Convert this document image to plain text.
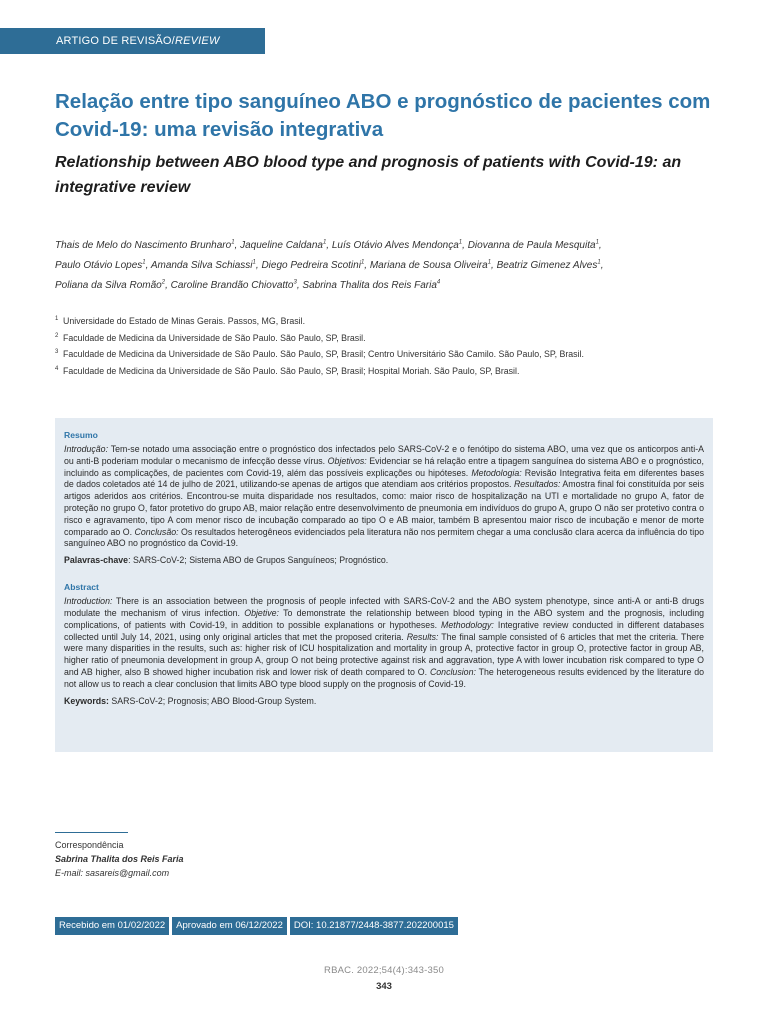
ARTIGO DE REVISÃO/REVIEW ARTICLE
Relação entre tipo sanguíneo ABO e prognóstico de pacientes com Covid-19: uma revisão integrativa
Relationship between ABO blood type and prognosis of patients with Covid-19: an integrative review
Thais de Melo do Nascimento Brunharo$^1$, Jaqueline Caldana$^1$, Luís Otávio Alves Mendonça$^1$, Diovanna de Paula Mesquita$^1$,
Paulo Otávio Lopes$^1$, Amanda Silva Schiassi$^1$, Diego Pedreira Scotini$^1$, Mariana de Sousa Oliveira$^1$, Beatriz Gimenez Alves$^1$,
Poliana da Silva Romão$^2$, Caroline Brandão Chiovatto$^3$, Sabrina Thalita dos Reis Faria$^4$
1 Universidade do Estado de Minas Gerais. Passos, MG, Brasil.
2 Faculdade de Medicina da Universidade de São Paulo. São Paulo, SP, Brasil.
3 Faculdade de Medicina da Universidade de São Paulo. São Paulo, SP, Brasil; Centro Universitário São Camilo. São Paulo, SP, Brasil.
4 Faculdade de Medicina da Universidade de São Paulo. São Paulo, SP, Brasil; Hospital Moriah. São Paulo, SP, Brasil.
Resumo

Introdução: Tem-se notado uma associação entre o prognóstico dos infectados pelo SARS-CoV-2 e o fenótipo do sistema ABO, uma vez que os anticorpos anti-A ou anti-B poderiam modular o mecanismo de infecção desse vírus. Objetivos: Evidenciar se há relação entre a tipagem sanguínea do sistema ABO e o prognóstico, incluindo as complicações, de pacientes com Covid-19, além das possíveis explicações ou hipóteses. Metodologia: Revisão Integrativa feita em diferentes bases de dados coletados até 14 de julho de 2021, utilizando-se apenas de artigos que atendiam aos critérios propostos. Resultados: Amostra final foi constituída por seis artigos aderidos aos critérios. Encontrou-se muita disparidade nos resultados, como: maior risco de hospitalização na UTI e mortalidade no grupo A, fator de proteção no grupo O, fator protetivo do grupo AB, maior relação entre desenvolvimento de pneumonia em indivíduos do grupo A, grupo O não ser protetivo contra o risco e agravamento, tipo A com menor risco de incubação comparado ao tipo O e AB maior, também B apresentou maior risco de incubação e menor de morte comparado ao O. Conclusão: Os resultados heterogêneos evidenciados pela literatura não nos permitem chegar a uma conclusão clara acerca da influência do tipo sanguíneo ABO no prognóstico da Covid-19.

Palavras-chave: SARS-CoV-2; Sistema ABO de Grupos Sanguíneos; Prognóstico.

Abstract

Introduction: There is an association between the prognosis of people infected with SARS-CoV-2 and the ABO system phenotype, since anti-A or anti-B drugs modulate the mechanism of virus infection. Objetive: To demonstrate the relationship between blood typing in the ABO system and the prognosis, including complications, of patients with Covid-19, in addition to possible explanations or hypotheses. Methodology: Integrative review conducted in different databases collected until July 14, 2021, using only original articles that met the proposed criteria. Results: The final sample consisted of 6 articles that met the criteria. There were many disparities in the results, such as: higher risk of ICU hospitalization and mortality in group A, protective factor in group O, protective factor in group AB, higher ratio of pneumonia development in group A, group O not being protective against risk and aggravation, type A with lower incubation risk compared to type O and AB higher, also B showed higher incubation risk and lower risk of death compared to O. Conclusion: The heterogeneous results evidenced by the literature do not allow us to reach a clear conclusion that limits ABO type blood supply on the prognosis of Covid-19.

Keywords: SARS-CoV-2; Prognosis; ABO Blood-Group System.

Correspondência
Sabrina Thalita dos Reis Faria
E-mail: sasareis@gmail.com
Recebido em 01/02/2022	Aprovado em 06/12/2022	DOI: 10.21877/2448-3877.202200015
RBAC. 2022;54(4):343-350
343
